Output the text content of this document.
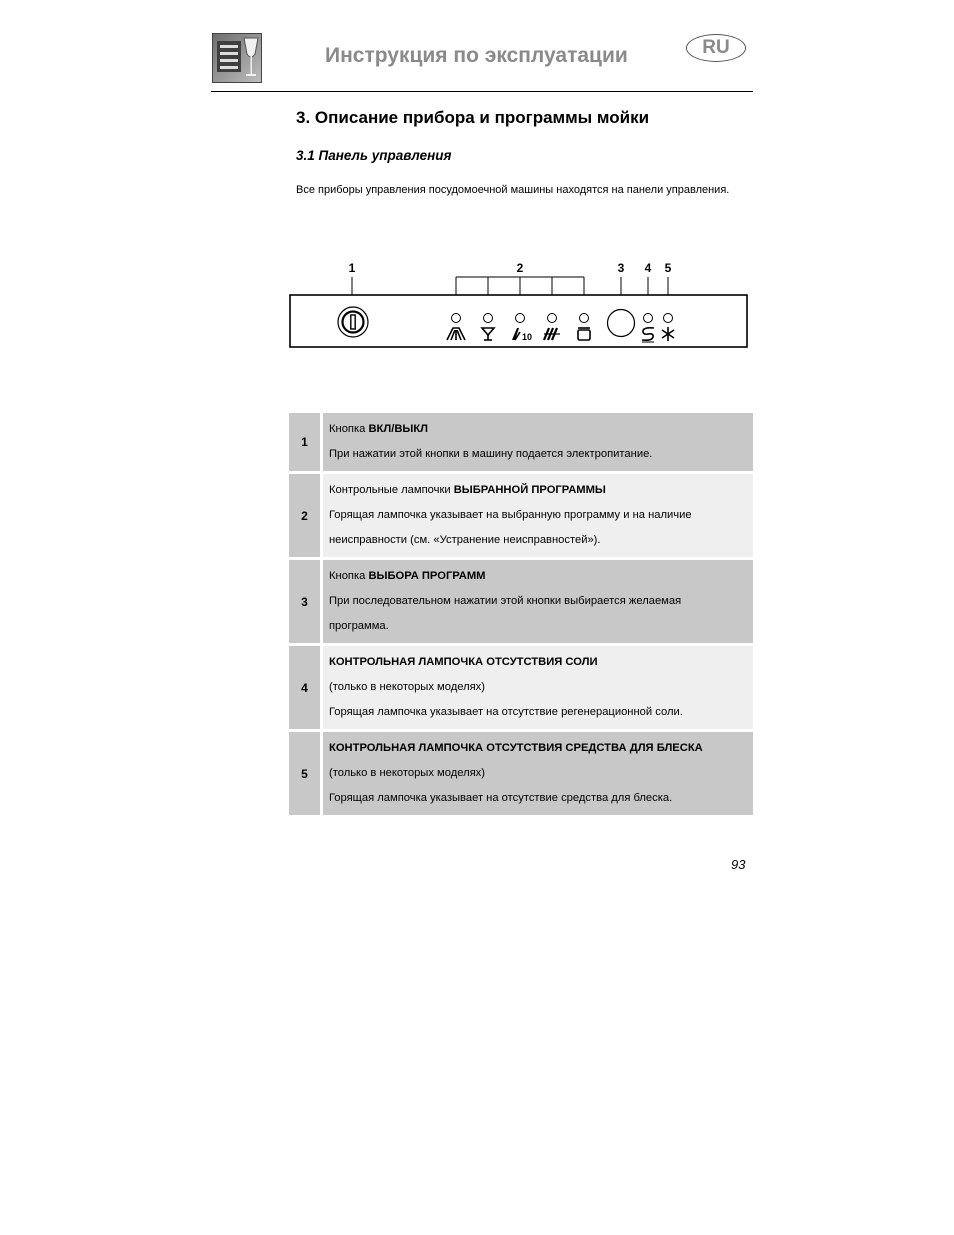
Инструкция по эксплуатации	RU
3. Описание прибора и программы мойки
3.1 Панель управления

Все приборы управления посудомоечной машины находятся на панели управления.

1	2	3 4 5
10
1		Кнопка ВКЛ/ВЫКЛ
При нажатии этой кнопки в машину подается электропитание.

2		Контрольные лампочки ВЫБРАННОЙ ПРОГРАММЫ
Горящая лампочка указывает на выбранную программу и на наличие
неисправности (см. «Устранение неисправностей»).

3		Кнопка ВЫБОРА ПРОГРАММ
При последовательном нажатии этой кнопки выбирается желаемая
программа.

4		КОНТРОЛЬНАЯ ЛАМПОЧКА ОТСУТСТВИЯ СОЛИ
(только в некоторых моделях)
Горящая лампочка указывает на отсутствие регенерационной соли.

5		КОНТРОЛЬНАЯ ЛАМПОЧКА ОТСУТСТВИЯ СРЕДСТВА ДЛЯ БЛЕСКА
(только в некоторых моделях)
Горящая лампочка указывает на отсутствие средства для блеска.
93
